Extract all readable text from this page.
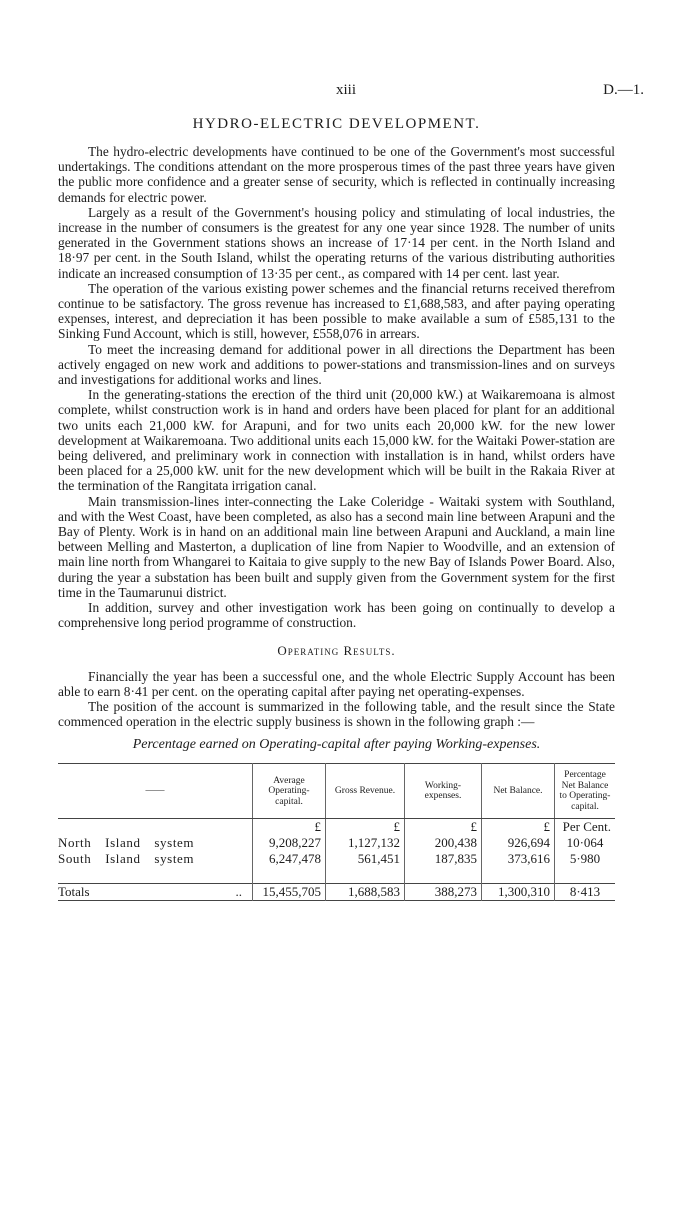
xiii	D.—1.
HYDRO-ELECTRIC DEVELOPMENT.

The hydro-electric developments have continued to be one of the Government's most successful undertakings. The conditions attendant on the more prosperous times of the past three years have given the public more confidence and a greater sense of security, which is reflected in continually increasing demands for electric power.

Largely as a result of the Government's housing policy and stimulating of local industries, the increase in the number of consumers is the greatest for any one year since 1928. The number of units generated in the Government stations shows an increase of 17·14 per cent. in the North Island and 18·97 per cent. in the South Island, whilst the operating returns of the various distributing authorities indicate an increased consumption of 13·35 per cent., as compared with 14 per cent. last year.

The operation of the various existing power schemes and the financial returns received therefrom continue to be satisfactory. The gross revenue has increased to £1,688,583, and after paying operating expenses, interest, and depreciation it has been possible to make available a sum of £585,131 to the Sinking Fund Account, which is still, however, £558,076 in arrears.

To meet the increasing demand for additional power in all directions the Department has been actively engaged on new work and additions to power-stations and transmission-lines and on surveys and investigations for additional works and lines.

In the generating-stations the erection of the third unit (20,000 kW.) at Waikaremoana is almost complete, whilst construction work is in hand and orders have been placed for plant for an additional two units each 21,000 kW. for Arapuni, and for two units each 20,000 kW. for the new lower development at Waikaremoana. Two additional units each 15,000 kW. for the Waitaki Power-station are being delivered, and preliminary work in connection with installation is in hand, whilst orders have been placed for a 25,000 kW. unit for the new development which will be built in the Rakaia River at the termination of the Rangitata irrigation canal.

Main transmission-lines inter-connecting the Lake Coleridge - Waitaki system with Southland, and with the West Coast, have been completed, as also has a second main line between Arapuni and the Bay of Plenty. Work is in hand on an additional main line between Arapuni and Auckland, a main line between Melling and Masterton, a duplication of line from Napier to Woodville, and an extension of main line north from Whangarei to Kaitaia to give supply to the new Bay of Islands Power Board. Also, during the year a substation has been built and supply given from the Government system for the first time in the Taumarunui district.

In addition, survey and other investigation work has been going on continually to develop a comprehensive long period programme of construction.

Operating Results.

Financially the year has been a successful one, and the whole Electric Supply Account has been able to earn 8·41 per cent. on the operating capital after paying net operating-expenses.

The position of the account is summarized in the following table, and the result since the State commenced operation in the electric supply business is shown in the following graph :—

Percentage earned on Operating-capital after paying Working-expenses.
——	Average Operating-capital.	Gross Revenue.	Working-expenses.	Net Balance.	Percentage Net Balance to Operating-capital.
	£	£	£	£	Per Cent.
North Island system	9,208,227	1,127,132	200,438	926,694	10·064
South Island system	6,247,478	561,451	187,835	373,616	5·980

Totals ..	15,455,705	1,688,583	388,273	1,300,310	8·413
